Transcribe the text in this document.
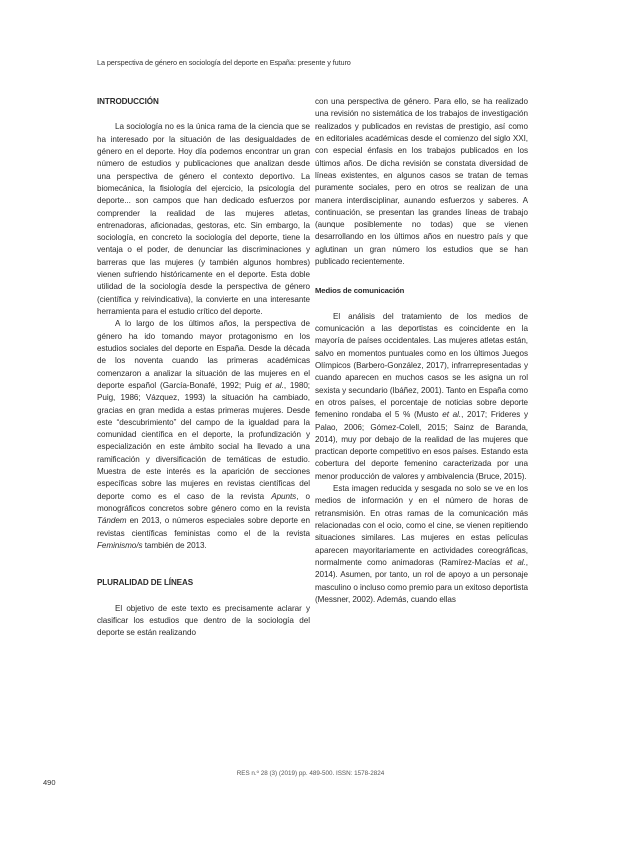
La perspectiva de género en sociología del deporte en España: presente y futuro
INTRODUCCIÓN

La sociología no es la única rama de la ciencia que se ha interesado por la situación de las desigualdades de género en el deporte. Hoy día podemos encontrar un gran número de estudios y publicaciones que analizan desde una perspectiva de género el contexto deportivo. La biomecánica, la fisiología del ejercicio, la psicología del deporte... son campos que han dedicado esfuerzos por comprender la realidad de las mujeres atletas, entrenadoras, aficionadas, gestoras, etc. Sin embargo, la sociología, en concreto la sociología del deporte, tiene la ventaja o el poder, de denunciar las discriminaciones y barreras que las mujeres (y también algunos hombres) vienen sufriendo históricamente en el deporte. Esta doble utilidad de la sociología desde la perspectiva de género (científica y reivindicativa), la convierte en una interesante herramienta para el estudio crítico del deporte.

A lo largo de los últimos años, la perspectiva de género ha ido tomando mayor protagonismo en los estudios sociales del deporte en España. Desde la década de los noventa cuando las primeras académicas comenzaron a analizar la situación de las mujeres en el deporte español (García-Bonafé, 1992; Puig et al., 1980; Puig, 1986; Vázquez, 1993) la situación ha cambiado, gracias en gran medida a estas primeras mujeres. Desde este “descubrimiento” del campo de la igualdad para la comunidad científica en el deporte, la profundización y especialización en este ámbito social ha llevado a una ramificación y diversificación de temáticas de estudio. Muestra de este interés es la aparición de secciones específicas sobre las mujeres en revistas científicas del deporte como es el caso de la revista Apunts, o monográficos concretos sobre género como en la revista Tándem en 2013, o números especiales sobre deporte en revistas científicas feministas como el de la revista Feminismo/s también de 2013.

PLURALIDAD DE LÍNEAS

El objetivo de este texto es precisamente aclarar y clasificar los estudios que dentro de la sociología del deporte se están realizando

con una perspectiva de género. Para ello, se ha realizado una revisión no sistemática de los trabajos de investigación realizados y publicados en revistas de prestigio, así como en editoriales académicas desde el comienzo del siglo XXI, con especial énfasis en los trabajos publicados en los últimos años. De dicha revisión se constata diversidad de líneas existentes, en algunos casos se tratan de temas puramente sociales, pero en otros se realizan de una manera interdisciplinar, aunando esfuerzos y saberes. A continuación, se presentan las grandes líneas de trabajo (aunque posiblemente no todas) que se vienen desarrollando en los últimos años en nuestro país y que aglutinan un gran número los estudios que se han publicado recientemente.

Medios de comunicación

El análisis del tratamiento de los medios de comunicación a las deportistas es coincidente en la mayoría de países occidentales. Las mujeres atletas están, salvo en momentos puntuales como en los últimos Juegos Olímpicos (Barbero-González, 2017), infrarrepresentadas y cuando aparecen en muchos casos se les asigna un rol sexista y secundario (Ibáñez, 2001). Tanto en España como en otros países, el porcentaje de noticias sobre deporte femenino rondaba el 5 % (Musto et al., 2017; Frideres y Palao, 2006; Gómez-Colell, 2015; Sainz de Baranda, 2014), muy por debajo de la realidad de las mujeres que practican deporte competitivo en esos países. Estando esta cobertura del deporte femenino caracterizada por una menor producción de valores y ambivalencia (Bruce, 2015).

Esta imagen reducida y sesgada no solo se ve en los medios de información y en el número de horas de retransmisión. En otras ramas de la comunicación más relacionadas con el ocio, como el cine, se vienen repitiendo situaciones similares. Las mujeres en estas películas aparecen mayoritariamente en actividades coreográficas, normalmente como animadoras (Ramírez-Macías et al., 2014). Asumen, por tanto, un rol de apoyo a un personaje masculino o incluso como premio para un exitoso deportista (Messner, 2002). Además, cuando ellas

RES n.º 28 (3) (2019) pp. 489-500. ISSN: 1578-2824
490
